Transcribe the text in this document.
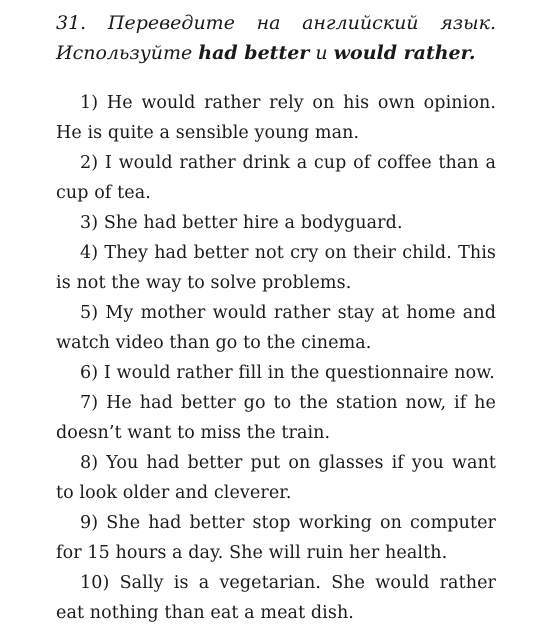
31. Переведите на английский язык. Используйте had better и would rather.

1) He would rather rely on his own opinion. He is quite a sensible young man.

2) I would rather drink a cup of coffee than a cup of tea.

3) She had better hire a bodyguard.

4) They had better not cry on their child. This is not the way to solve problems.

5) My mother would rather stay at home and watch video than go to the cinema.

6) I would rather fill in the questionnaire now.

7) He had better go to the station now, if he doesn’t want to miss the train.

8) You had better put on glasses if you want to look older and cleverer.

9) She had better stop working on computer for 15 hours a day. She will ruin her health.

10) Sally is a vegetarian. She would rather eat nothing than eat a meat dish.
